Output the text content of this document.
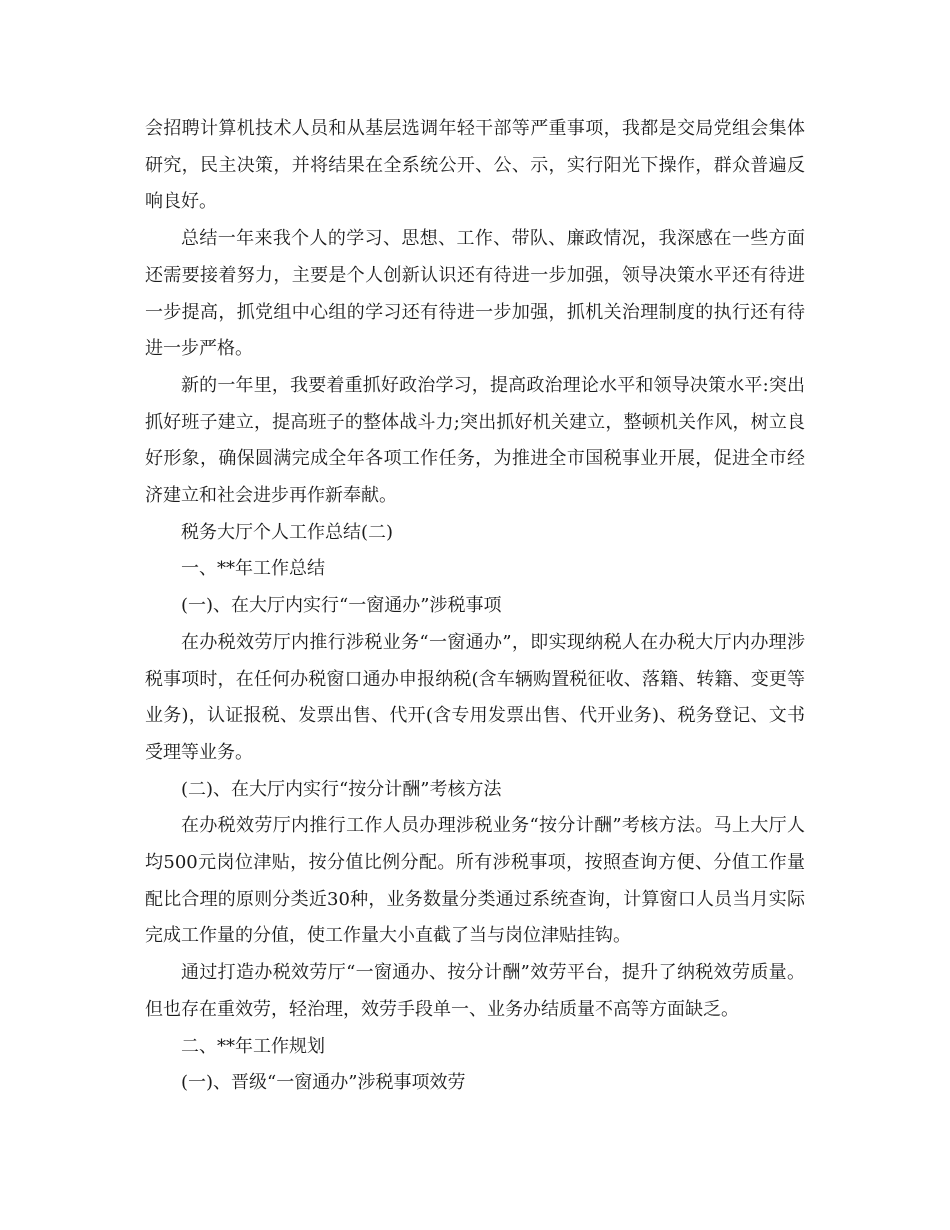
会招聘计算机技术人员和从基层选调年轻干部等严重事项，我都是交局党组会集体研究，民主决策，并将结果在全系统公开、公、示，实行阳光下操作，群众普遍反响良好。

总结一年来我个人的学习、思想、工作、带队、廉政情况，我深感在一些方面还需要接着努力，主要是个人创新认识还有待进一步加强，领导决策水平还有待进一步提高，抓党组中心组的学习还有待进一步加强，抓机关治理制度的执行还有待进一步严格。

新的一年里，我要着重抓好政治学习，提高政治理论水平和领导决策水平:突出抓好班子建立，提高班子的整体战斗力;突出抓好机关建立，整顿机关作风，树立良好形象，确保圆满完成全年各项工作任务，为推进全市国税事业开展，促进全市经济建立和社会进步再作新奉献。

税务大厅个人工作总结(二)

一、**年工作总结

(一)、在大厅内实行“一窗通办”涉税事项

在办税效劳厅内推行涉税业务“一窗通办”，即实现纳税人在办税大厅内办理涉税事项时，在任何办税窗口通办申报纳税(含车辆购置税征收、落籍、转籍、变更等业务)，认证报税、发票出售、代开(含专用发票出售、代开业务)、税务登记、文书受理等业务。

(二)、在大厅内实行“按分计酬”考核方法

在办税效劳厅内推行工作人员办理涉税业务“按分计酬”考核方法。马上大厅人均500元岗位津贴，按分值比例分配。所有涉税事项，按照查询方便、分值工作量配比合理的原则分类近30种，业务数量分类通过系统查询，计算窗口人员当月实际完成工作量的分值，使工作量大小直截了当与岗位津贴挂钩。

通过打造办税效劳厅“一窗通办、按分计酬”效劳平台，提升了纳税效劳质量。但也存在重效劳，轻治理，效劳手段单一、业务办结质量不高等方面缺乏。

二、**年工作规划

(一)、晋级“一窗通办”涉税事项效劳
